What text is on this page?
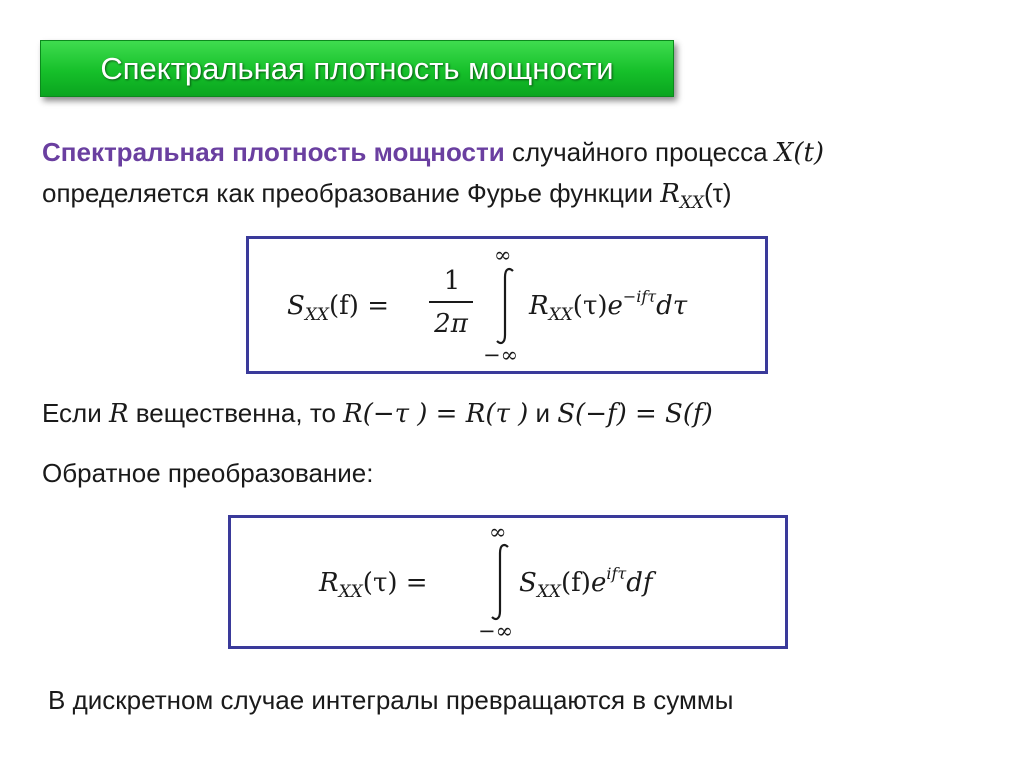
Спектральная плотность мощности
Спектральная плотность мощности случайного процесса X(t)
определяется как преобразование Фурье функции $R_{XX}(\tau)$
$S_{XX}(f)$ =
1
2π
∞
−∞
$R_{XX}(\tau)e^{-if\tau}d\tau$
Если R вещественна, то R(−τ ) = R(τ ) и S(−f) = S(f)
Обратное преобразование:
$R_{XX}(\tau)$ =
∞
−∞
$S_{XX}(f)e^{if\tau}df$
В дискретном случае интегралы превращаются в суммы
